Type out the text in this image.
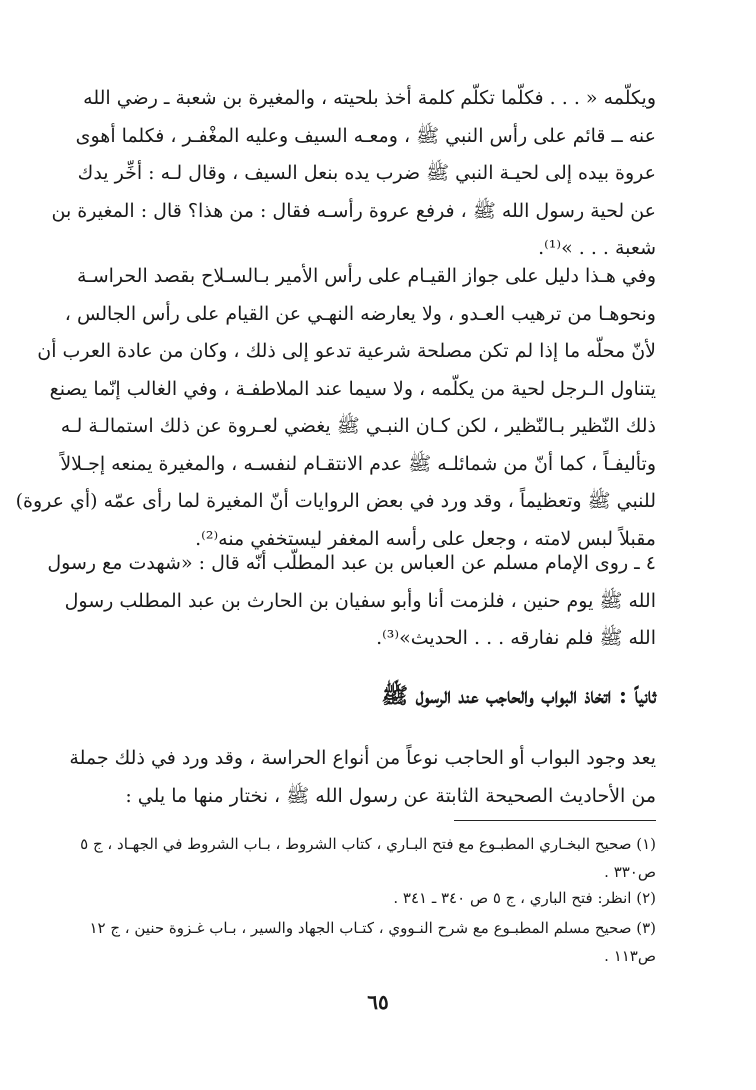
ويكلّمه « . . . فكلّما تكلّم كلمة أخذ بلحيته ، والمغيرة بن شعبة ـ رضي الله
عنه ــ قائم على رأس النبي ﷺ ، ومعـه السيف وعليه المغْفـر ، فكلما أهوى
عروة بيده إلى لحيـة النبي ﷺ ضرب يده بنعل السيف ، وقال لـه : أخِّر يدك
عن لحية رسول الله ﷺ ، فرفع عروة رأسـه فقال : من هذا؟ قال : المغيرة بن
شعبة . . . »⁽¹⁾.
وفي هـذا دليل على جواز القيـام على رأس الأمير بـالسـلاح بقصد الحراسـة
ونحوهـا من ترهيب العـدو ، ولا يعارضه النهـي عن القيام على رأس الجالس ،
لأنّ محلّه ما إذا لم تكن مصلحة شرعية تدعو إلى ذلك ، وكان من عادة العرب أن
يتناول الـرجل لحية من يكلّمه ، ولا سيما عند الملاطفـة ، وفي الغالب إنّما يصنع
ذلك النّظير بـالنّظير ، لكن كـان النبـي ﷺ يغضي لعـروة عن ذلك استمالـة لـه
وتأليفـاً ، كما أنّ من شمائلـه ﷺ عدم الانتقـام لنفسـه ، والمغيرة يمنعه إجـلالاً
للنبي ﷺ وتعظيماً ، وقد ورد في بعض الروايات أنّ المغيرة لما رأى عمّه (أي عروة)
مقبلاً لبس لامته ، وجعل على رأسه المغفر ليستخفي منه⁽²⁾.
٤ ـ روى الإمام مسلم عن العباس بن عبد المطلّب أنّه قال : «شهدت مع رسول
الله ﷺ يوم حنين ، فلزمت أنا وأبو سفيان بن الحارث بن عبد المطلب رسول
الله ﷺ فلم نفارقه . . . الحديث»⁽³⁾.
ثانياً : اتخاذ البواب والحاجب عند الرسول ﷺ
يعد وجود البواب أو الحاجب نوعاً من أنواع الحراسة ، وقد ورد في ذلك جملة
من الأحاديث الصحيحة الثابتة عن رسول الله ﷺ ، نختار منها ما يلي :
(١) صحيح البخـاري المطبـوع مع فتح البـاري ، كتاب الشروط ، بـاب الشروط في الجهـاد ، ج ٥
ص٣٣٠ .
(٢) انظر: فتح الباري ، ج ٥ ص ٣٤٠ ـ ٣٤١ .
(٣) صحيح مسلم المطبـوع مع شرح النـووي ، كتـاب الجهاد والسير ، بـاب غـزوة حنين ، ج ١٢
ص١١٣ .
٦٥
